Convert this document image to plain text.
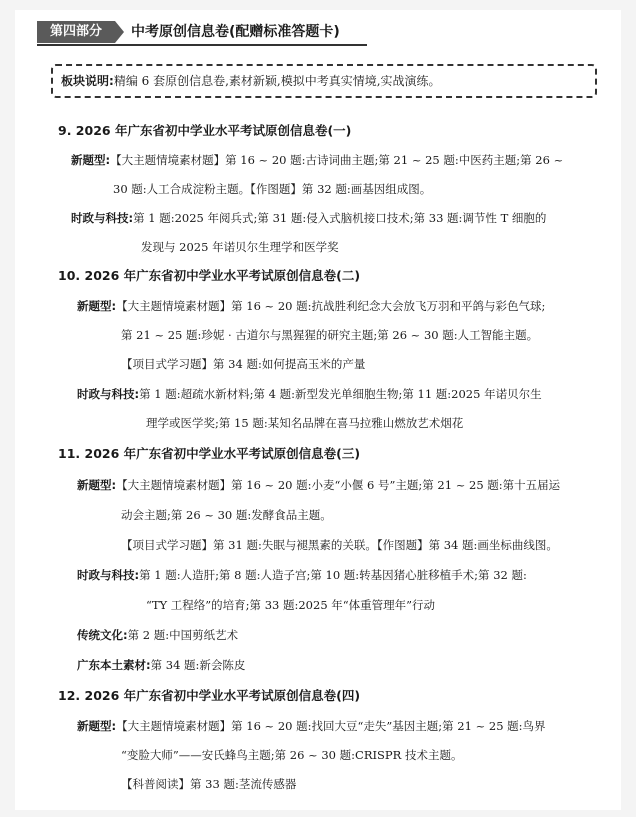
第四部分	中考原创信息卷(配赠标准答题卡)
板块说明:精编 6 套原创信息卷,素材新颖,模拟中考真实情境,实战演练。
9. 2026 年广东省初中学业水平考试原创信息卷(一)
新题型:【大主题情境素材题】第 16 ~ 20 题:古诗词曲主题;第 21 ~ 25 题:中医药主题;第 26 ~
30 题:人工合成淀粉主题。【作图题】第 32 题:画基因组成图。
时政与科技:第 1 题:2025 年阅兵式;第 31 题:侵入式脑机接口技术;第 33 题:调节性 T 细胞的
发现与 2025 年诺贝尔生理学和医学奖
10. 2026 年广东省初中学业水平考试原创信息卷(二)
新题型:【大主题情境素材题】第 16 ~ 20 题:抗战胜利纪念大会放飞万羽和平鸽与彩色气球;
第 21 ~ 25 题:珍妮 · 古道尔与黑猩猩的研究主题;第 26 ~ 30 题:人工智能主题。
【项目式学习题】第 34 题:如何提高玉米的产量
时政与科技:第 1 题:超疏水新材料;第 4 题:新型发光单细胞生物;第 11 题:2025 年诺贝尔生
理学或医学奖;第 15 题:某知名品牌在喜马拉雅山燃放艺术烟花
11. 2026 年广东省初中学业水平考试原创信息卷(三)
新题型:【大主题情境素材题】第 16 ~ 20 题:小麦“小偃 6 号”主题;第 21 ~ 25 题:第十五届运
动会主题;第 26 ~ 30 题:发酵食品主题。
【项目式学习题】第 31 题:失眠与褪黑素的关联。【作图题】第 34 题:画坐标曲线图。
时政与科技:第 1 题:人造肝;第 8 题:人造子宫;第 10 题:转基因猪心脏移植手术;第 32 题:
“TY 工程络”的培育;第 33 题:2025 年“体重管理年”行动
传统文化:第 2 题:中国剪纸艺术
广东本土素材:第 34 题:新会陈皮
12. 2026 年广东省初中学业水平考试原创信息卷(四)
新题型:【大主题情境素材题】第 16 ~ 20 题:找回大豆“走失”基因主题;第 21 ~ 25 题:鸟界
“变脸大师”——安氏蜂鸟主题;第 26 ~ 30 题:CRISPR 技术主题。
【科普阅读】第 33 题:茎流传感器
